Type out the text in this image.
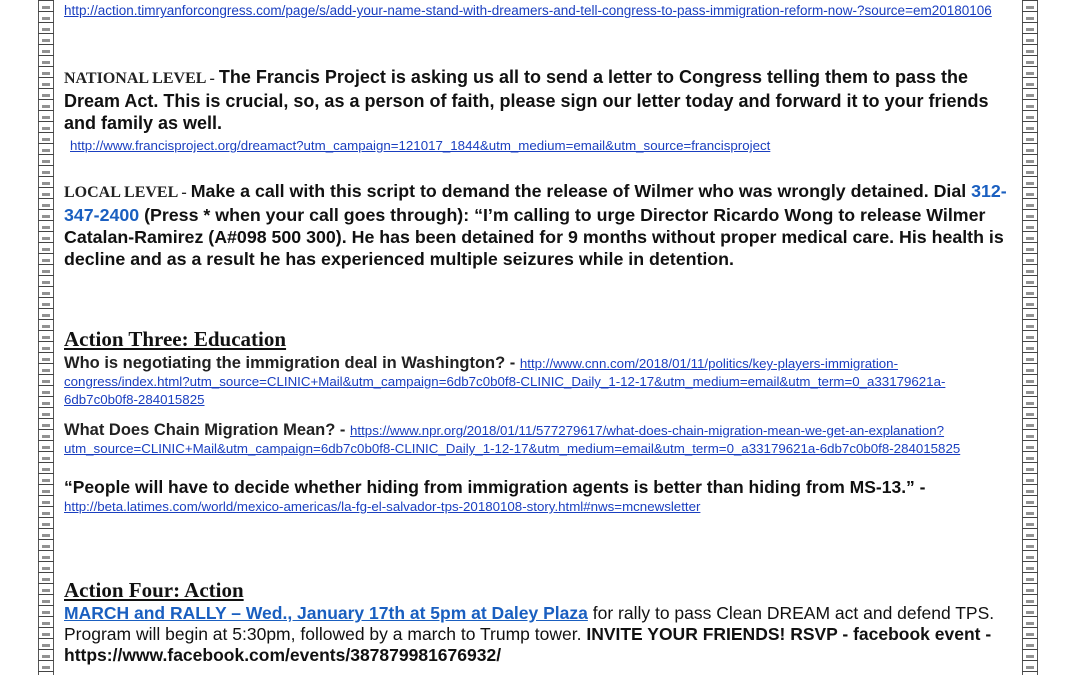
http://action.timryanforcongress.com/page/s/add-your-name-stand-with-dreamers-and-tell-congress-to-pass-immigration-reform-now-?source=em20180106
NATIONAL LEVEL - The Francis Project is asking us all to send a letter to Congress telling them to pass the Dream Act. This is crucial, so, as a person of faith, please sign our letter today and forward it to your friends and family as well.
http://www.francisproject.org/dreamact?utm_campaign=121017_1844&utm_medium=email&utm_source=francisproject
LOCAL LEVEL - Make a call with this script to demand the release of Wilmer who was wrongly detained. Dial 312-347-2400 (Press * when your call goes through): “I’m calling to urge Director Ricardo Wong to release Wilmer Catalan-Ramirez (A#098 500 300). He has been detained for 9 months without proper medical care. His health is decline and as a result he has experienced multiple seizures while in detention.
Action Three: Education
Who is negotiating the immigration deal in Washington? - http://www.cnn.com/2018/01/11/politics/key-players-immigration-congress/index.html?utm_source=CLINIC+Mail&utm_campaign=6db7c0b0f8-CLINIC_Daily_1-12-17&utm_medium=email&utm_term=0_a33179621a-6db7c0b0f8-284015825
What Does Chain Migration Mean? - https://www.npr.org/2018/01/11/577279617/what-does-chain-migration-mean-we-get-an-explanation?utm_source=CLINIC+Mail&utm_campaign=6db7c0b0f8-CLINIC_Daily_1-12-17&utm_medium=email&utm_term=0_a33179621a-6db7c0b0f8-284015825
“People will have to decide whether hiding from immigration agents is better than hiding from MS-13.” - http://beta.latimes.com/world/mexico-americas/la-fg-el-salvador-tps-20180108-story.html#nws=mcnewsletter
Action Four: Action
MARCH and RALLY – Wed., January 17th at 5pm at Daley Plaza for rally to pass Clean DREAM act and defend TPS. Program will begin at 5:30pm, followed by a march to Trump tower. INVITE YOUR FRIENDS! RSVP - facebook event -https://www.facebook.com/events/387879981676932/
